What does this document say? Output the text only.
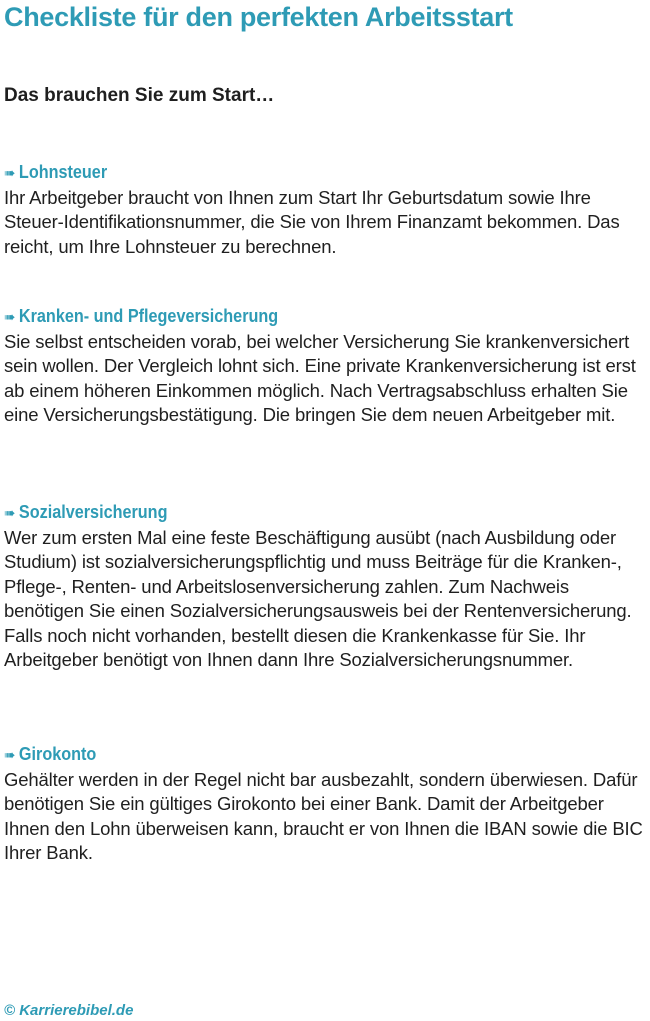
Checkliste für den perfekten Arbeitsstart
Das brauchen Sie zum Start…
➠ Lohnsteuer

Ihr Arbeitgeber braucht von Ihnen zum Start Ihr Geburtsdatum sowie Ihre Steuer-Identifikationsnummer, die Sie von Ihrem Finanzamt bekommen. Das reicht, um Ihre Lohnsteuer zu berechnen.

➠ Kranken- und Pflegeversicherung

Sie selbst entscheiden vorab, bei welcher Versicherung Sie krankenversichert sein wollen. Der Vergleich lohnt sich. Eine private Krankenversicherung ist erst ab einem höheren Einkommen möglich. Nach Vertragsabschluss erhalten Sie eine Versicherungsbestätigung. Die bringen Sie dem neuen Arbeitgeber mit.

➠ Sozialversicherung

Wer zum ersten Mal eine feste Beschäftigung ausübt (nach Ausbildung oder Studium) ist sozialversicherungspflichtig und muss Beiträge für die Kranken-, Pflege-, Renten- und Arbeitslosenversicherung zahlen. Zum Nachweis benötigen Sie einen Sozialversicherungsausweis bei der Rentenversicherung. Falls noch nicht vorhanden, bestellt diesen die Krankenkasse für Sie. Ihr Arbeitgeber benötigt von Ihnen dann Ihre Sozialversicherungsnummer.

➠ Girokonto

Gehälter werden in der Regel nicht bar ausbezahlt, sondern überwiesen. Dafür benötigen Sie ein gültiges Girokonto bei einer Bank. Damit der Arbeitgeber Ihnen den Lohn überweisen kann, braucht er von Ihnen die IBAN sowie die BIC Ihrer Bank.

© Karrierebibel.de
